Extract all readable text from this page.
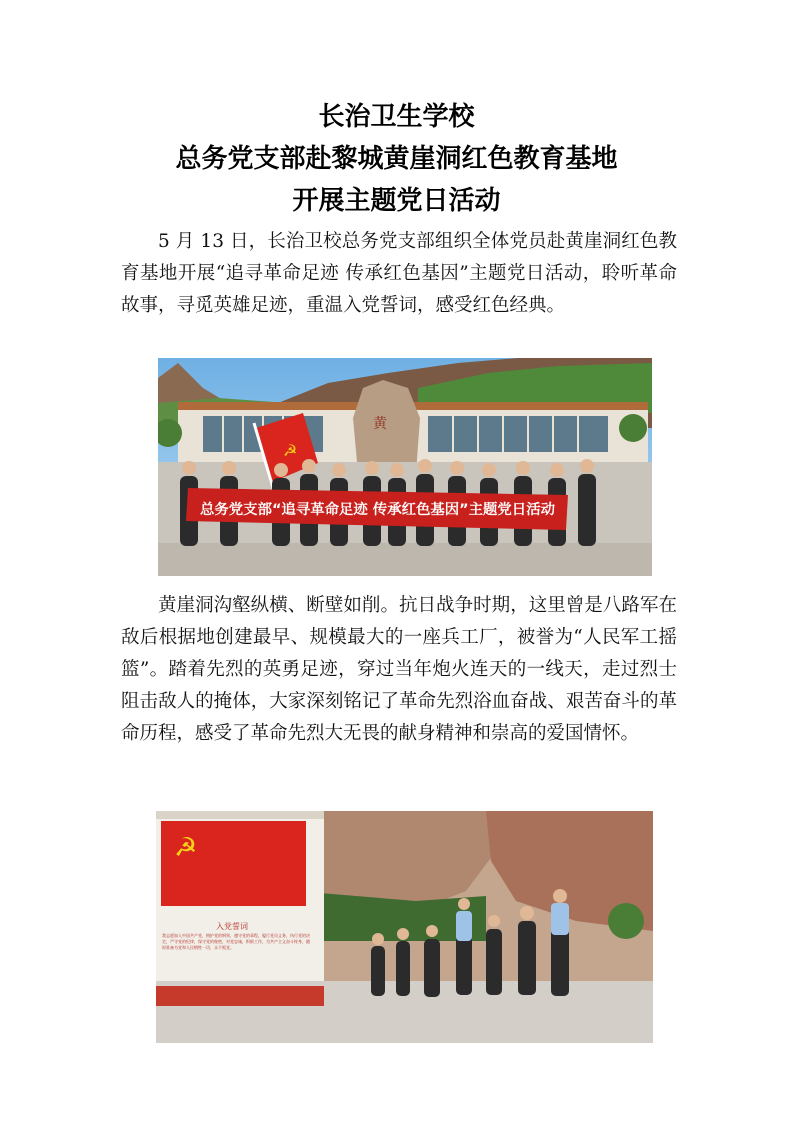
长治卫生学校
总务党支部赴黎城黄崖洞红色教育基地
开展主题党日活动

5 月 13 日，长治卫校总务党支部组织全体党员赴黄崖洞红色教育基地开展“追寻革命足迹 传承红色基因”主题党日活动，聆听革命故事，寻觅英雄足迹，重温入党誓词，感受红色经典。

黄
☭
总务党支部“追寻革命足迹 传承红色基因”主题党日活动

黄崖洞沟壑纵横、断壁如削。抗日战争时期，这里曾是八路军在敌后根据地创建最早、规模最大的一座兵工厂，被誉为“人民军工摇篮”。踏着先烈的英勇足迹，穿过当年炮火连天的一线天，走过烈士阻击敌人的掩体，大家深刻铭记了革命先烈浴血奋战、艰苦奋斗的革命历程，感受了革命先烈大无畏的献身精神和崇高的爱国情怀。

☭
入党誓词
我志愿加入中国共产党，拥护党的纲领，遵守党的章程，履行党员义务，执行党的决定，严守党的纪律，保守党的秘密，对党忠诚，积极工作，为共产主义奋斗终身，随时准备为党和人民牺牲一切，永不叛党。
